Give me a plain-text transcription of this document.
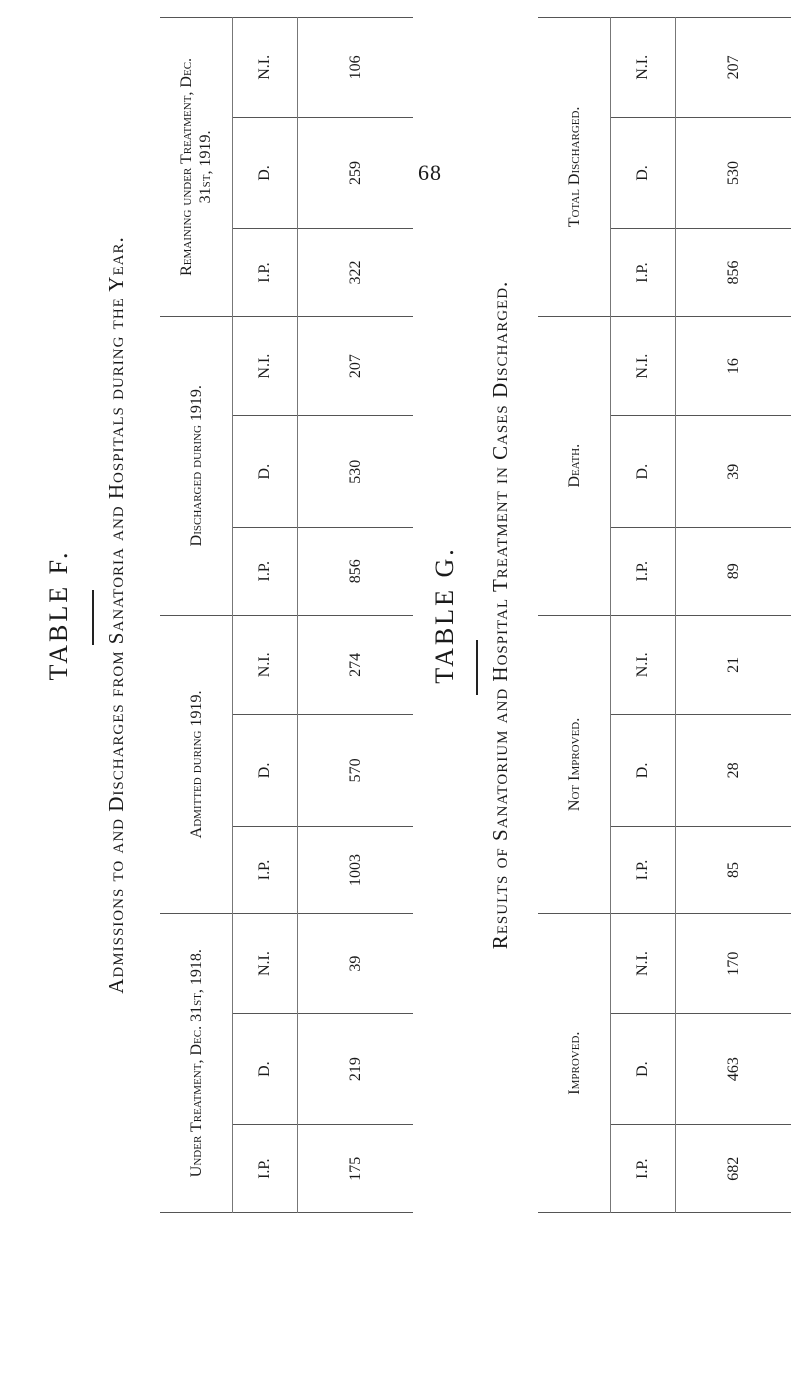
68
TABLE F. Admissions to and Discharges from Sanatoria and Hospitals during the Year.
Under Treatment, Dec. 31st, 1918.			Admitted during 1919.			Discharged during 1919.			Remaining under Treatment, Dec. 31st, 1919.		
I.P.	D.	N.I.	I.P.	D.	N.I.	I.P.	D.	N.I.	I.P.	D.	N.I.
175	219	39	1003	570	274	856	530	207	322	259	106
TABLE G. Results of Sanatorium and Hospital Treatment in Cases Discharged.
Improved.			Not Improved.			Death.			Total Discharged.		
I.P.	D.	N.I.	I.P.	D.	N.I.	I.P.	D.	N.I.	I.P.	D.	N.I.
682	463	170	85	28	21	89	39	16	856	530	207
